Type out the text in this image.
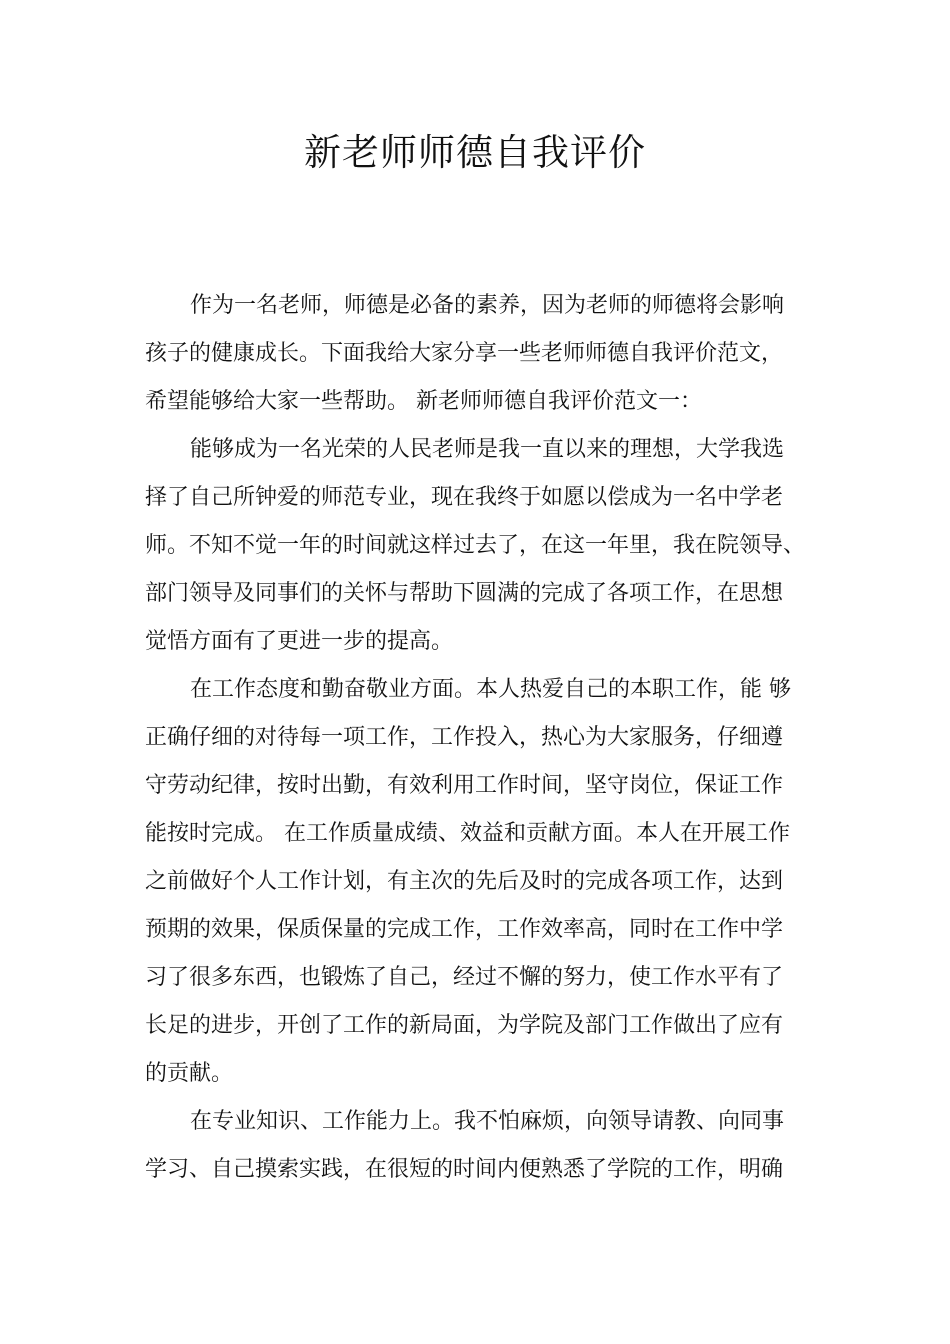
新老师师德自我评价

作为一名老师，师德是必备的素养，因为老师的师德将会影响

孩子的健康成长。下面我给大家分享一些老师师德自我评价范文，

希望能够给大家一些帮助。 新老师师德自我评价范文一：

能够成为一名光荣的人民老师是我一直以来的理想，大学我选

择了自己所钟爱的师范专业，现在我终于如愿以偿成为一名中学老

师。不知不觉一年的时间就这样过去了，在这一年里，我在院领导、

部门领导及同事们的关怀与帮助下圆满的完成了各项工作，在思想

觉悟方面有了更进一步的提高。

在工作态度和勤奋敬业方面。本人热爱自己的本职工作，能 够

正确仔细的对待每一项工作，工作投入，热心为大家服务，仔细遵

守劳动纪律，按时出勤，有效利用工作时间，坚守岗位，保证工作

能按时完成。 在工作质量成绩、效益和贡献方面。本人在开展工作

之前做好个人工作计划，有主次的先后及时的完成各项工作，达到

预期的效果，保质保量的完成工作，工作效率高，同时在工作中学

习了很多东西，也锻炼了自己，经过不懈的努力，使工作水平有了

长足的进步，开创了工作的新局面，为学院及部门工作做出了应有

的贡献。

在专业知识、工作能力上。我不怕麻烦，向领导请教、向同事

学习、自己摸索实践，在很短的时间内便熟悉了学院的工作，明确
